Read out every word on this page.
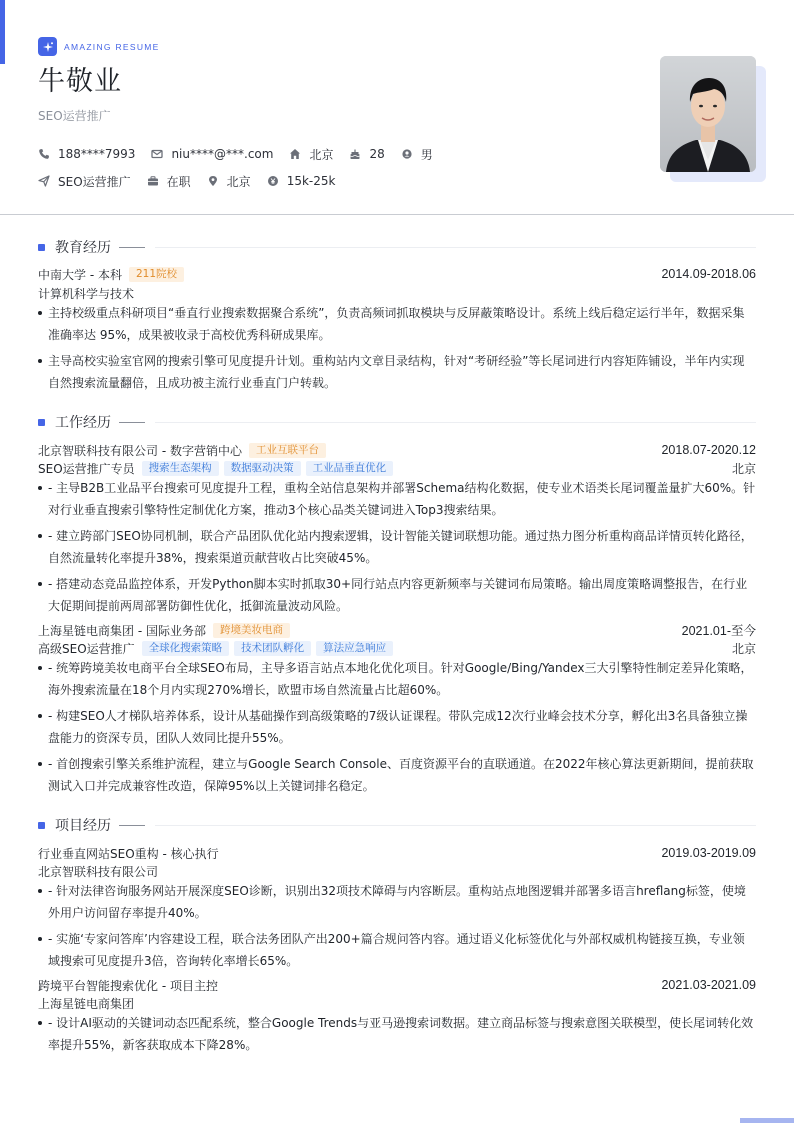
AMAZING RESUME
牛敬业
SEO运营推广
188****7993	niu****@***.com	北京	28	男
SEO运营推广	在职	北京	15k-25k
教育经历
中南大学 - 本科	211院校	2014.09-2018.06
计算机科学与技术
主持校级重点科研项目“垂直行业搜索数据聚合系统”，负责高频词抓取模块与反屏蔽策略设计。系统上线后稳定运行半年，数据采集准确率达 95%，成果被收录于高校优秀科研成果库。
主导高校实验室官网的搜索引擎可见度提升计划。重构站内文章目录结构，针对“考研经验”等长尾词进行内容矩阵铺设，半年内实现自然搜索流量翻倍，且成功被主流行业垂直门户转载。
工作经历
北京智联科技有限公司 - 数字营销中心	工业互联平台	2018.07-2020.12
SEO运营推广专员	搜索生态架构	数据驱动决策	工业品垂直优化	北京
- 主导B2B工业品平台搜索可见度提升工程，重构全站信息架构并部署Schema结构化数据，使专业术语类长尾词覆盖量扩大60%。针对行业垂直搜索引擎特性定制优化方案，推动3个核心品类关键词进入Top3搜索结果。
- 建立跨部门SEO协同机制，联合产品团队优化站内搜索逻辑，设计智能关键词联想功能。通过热力图分析重构商品详情页转化路径，自然流量转化率提升38%，搜索渠道贡献营收占比突破45%。
- 搭建动态竞品监控体系，开发Python脚本实时抓取30+同行站点内容更新频率与关键词布局策略。输出周度策略调整报告，在行业大促期间提前两周部署防御性优化，抵御流量波动风险。
上海星链电商集团 - 国际业务部	跨境美妆电商	2021.01-至今
高级SEO运营推广	全球化搜索策略	技术团队孵化	算法应急响应	北京
- 统筹跨境美妆电商平台全球SEO布局，主导多语言站点本地化优化项目。针对Google/Bing/Yandex三大引擎特性制定差异化策略，海外搜索流量在18个月内实现270%增长，欧盟市场自然流量占比超60%。
- 构建SEO人才梯队培养体系，设计从基础操作到高级策略的7级认证课程。带队完成12次行业峰会技术分享，孵化出3名具备独立操盘能力的资深专员，团队人效同比提升55%。
- 首创搜索引擎关系维护流程，建立与Google Search Console、百度资源平台的直联通道。在2022年核心算法更新期间，提前获取测试入口并完成兼容性改造，保障95%以上关键词排名稳定。
项目经历
行业垂直网站SEO重构 - 核心执行	2019.03-2019.09
北京智联科技有限公司
- 针对法律咨询服务网站开展深度SEO诊断，识别出32项技术障碍与内容断层。重构站点地图逻辑并部署多语言hreflang标签，使境外用户访问留存率提升40%。
- 实施‘专家问答库’内容建设工程，联合法务团队产出200+篇合规问答内容。通过语义化标签优化与外部权威机构链接互换，专业领域搜索可见度提升3倍，咨询转化率增长65%。
跨境平台智能搜索优化 - 项目主控	2021.03-2021.09
上海星链电商集团
- 设计AI驱动的关键词动态匹配系统，整合Google Trends与亚马逊搜索词数据。建立商品标签与搜索意图关联模型，使长尾词转化效率提升55%，新客获取成本下降28%。
